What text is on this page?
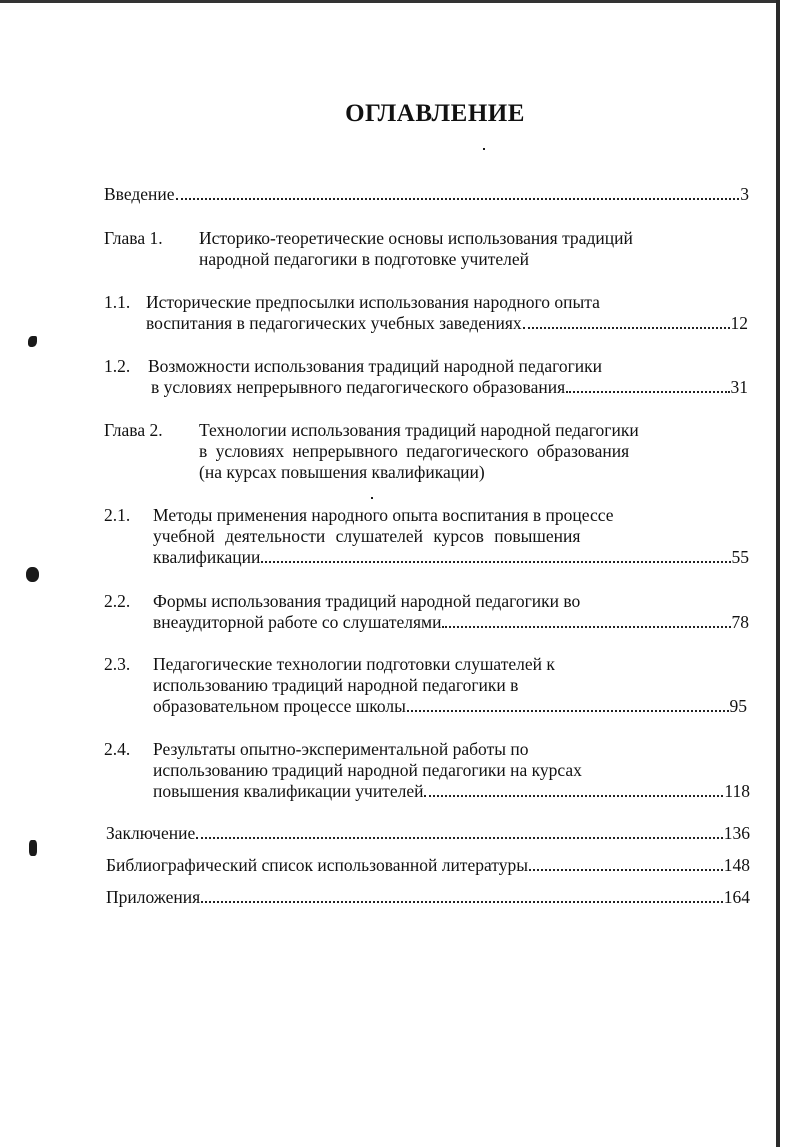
ОГЛАВЛЕНИЕ
Введение	3
Глава 1. Историко-теоретические основы использования традиций
народной педагогики в подготовке учителей
1.1. Исторические предпосылки использования народного опыта
воспитания в педагогических учебных заведениях	12
1.2. Возможности использования традиций народной педагогики
в условиях непрерывного педагогического образования	31
Глава 2. Технологии использования традиций народной педагогики
в условиях непрерывного педагогического образования
(на курсах повышения квалификации)
2.1. Методы применения народного опыта воспитания в процессе
учебной деятельности слушателей курсов повышения
квалификации	55
2.2. Формы использования традиций народной педагогики во
внеаудиторной работе со слушателями	78
2.3. Педагогические технологии подготовки слушателей к
использованию традиций народной педагогики в
образовательном процессе школы	95
2.4. Результаты опытно-экспериментальной работы по
использованию традиций народной педагогики на курсах
повышения квалификации учителей	118
Заключение	136
Библиографический список использованной литературы	148
Приложения	164
